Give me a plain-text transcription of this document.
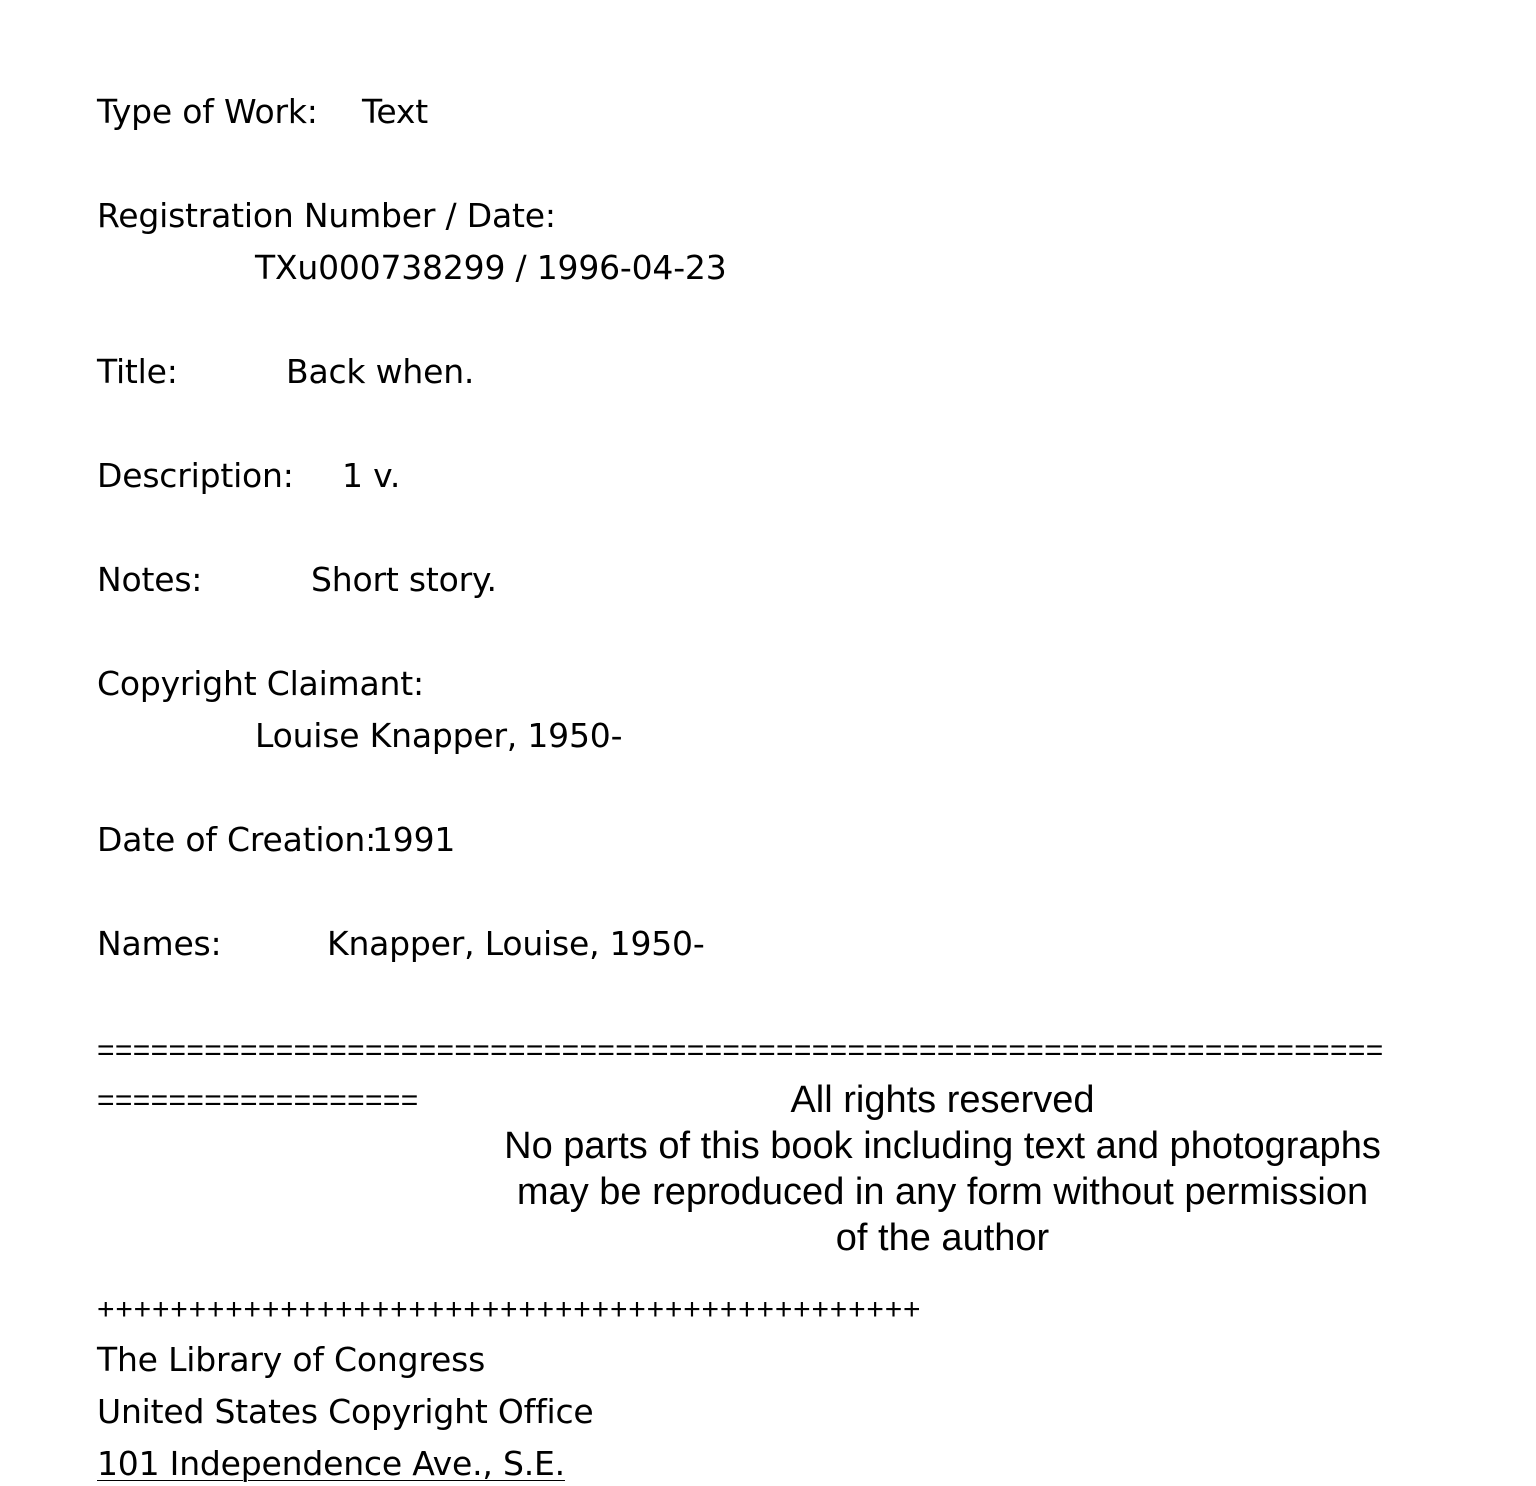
Type of Work: Text
Registration Number / Date:
TXu000738299 / 1996-04-23
Title:	Back when.
Description: 1 v.
Notes:	Short story.
Copyright Claimant:
Louise Knapper, 1950-
Date of Creation:
1991
Names:	Knapper, Louise, 1950-
========================================================================
==================	All rights reserved
No parts of this book including text and photographs
may be reproduced in any form without permission
of the author
+++++++++++++++++++++++++++++++++++++++++++++
The Library of Congress
United States Copyright Office
101 Independence Ave., S.E.
